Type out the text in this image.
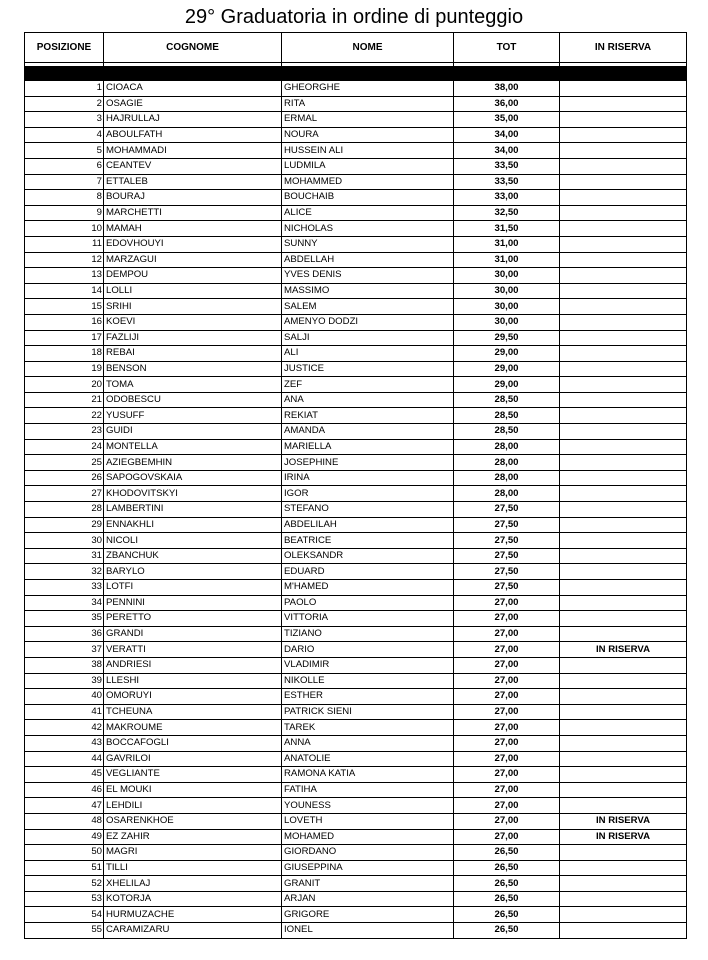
29° Graduatoria in ordine di punteggio
POSIZIONE	COGNOME	NOME	TOT	IN RISERVA

1	CIOACA	GHEORGHE	38,00	
2	OSAGIE	RITA	36,00	
3	HAJRULLAJ	ERMAL	35,00	
4	ABOULFATH	NOURA	34,00	
5	MOHAMMADI	HUSSEIN ALI	34,00	
6	CEANTEV	LUDMILA	33,50	
7	ETTALEB	MOHAMMED	33,50	
8	BOURAJ	BOUCHAIB	33,00	
9	MARCHETTI	ALICE	32,50	
10	MAMAH	NICHOLAS	31,50	
11	EDOVHOUYI	SUNNY	31,00	
12	MARZAGUI	ABDELLAH	31,00	
13	DEMPOU	YVES DENIS	30,00	
14	LOLLI	MASSIMO	30,00	
15	SRIHI	SALEM	30,00	
16	KOEVI	AMENYO DODZI	30,00	
17	FAZLIJI	SALJI	29,50	
18	REBAI	ALI	29,00	
19	BENSON	JUSTICE	29,00	
20	TOMA	ZEF	29,00	
21	ODOBESCU	ANA	28,50	
22	YUSUFF	REKIAT	28,50	
23	GUIDI	AMANDA	28,50	
24	MONTELLA	MARIELLA	28,00	
25	AZIEGBEMHIN	JOSEPHINE	28,00	
26	SAPOGOVSKAIA	IRINA	28,00	
27	KHODOVITSKYI	IGOR	28,00	
28	LAMBERTINI	STEFANO	27,50	
29	ENNAKHLI	ABDELILAH	27,50	
30	NICOLI	BEATRICE	27,50	
31	ZBANCHUK	OLEKSANDR	27,50	
32	BARYLO	EDUARD	27,50	
33	LOTFI	M'HAMED	27,50	
34	PENNINI	PAOLO	27,00	
35	PERETTO	VITTORIA	27,00	
36	GRANDI	TIZIANO	27,00	
37	VERATTI	DARIO	27,00	IN RISERVA
38	ANDRIESI	VLADIMIR	27,00	
39	LLESHI	NIKOLLE	27,00	
40	OMORUYI	ESTHER	27,00	
41	TCHEUNA	PATRICK SIENI	27,00	
42	MAKROUME	TAREK	27,00	
43	BOCCAFOGLI	ANNA	27,00	
44	GAVRILOI	ANATOLIE	27,00	
45	VEGLIANTE	RAMONA KATIA	27,00	
46	EL MOUKI	FATIHA	27,00	
47	LEHDILI	YOUNESS	27,00	
48	OSARENKHOE	LOVETH	27,00	IN RISERVA
49	EZ ZAHIR	MOHAMED	27,00	IN RISERVA
50	MAGRI	GIORDANO	26,50	
51	TILLI	GIUSEPPINA	26,50	
52	XHELILAJ	GRANIT	26,50	
53	KOTORJA	ARJAN	26,50	
54	HURMUZACHE	GRIGORE	26,50	
55	CARAMIZARU	IONEL	26,50	
